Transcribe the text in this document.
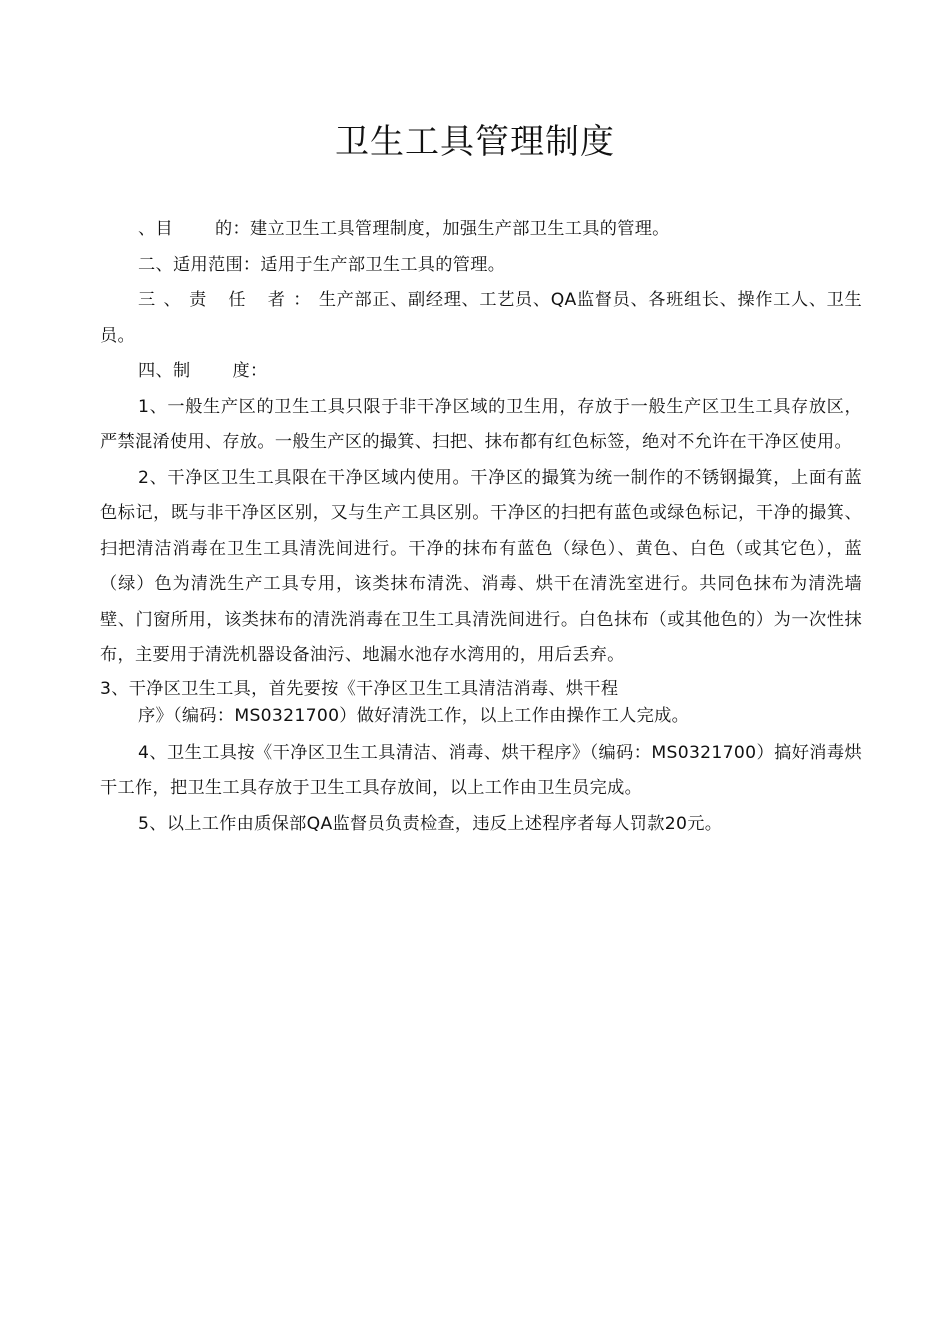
卫生工具管理制度

、目 的：建立卫生工具管理制度，加强生产部卫生工具的管理。

二、适用范围：适用于生产部卫生工具的管理。

三、责 任 者：生产部正、副经理、工艺员、QA监督员、各班组长、操作工人、卫生员。

四、制 度：

1、一般生产区的卫生工具只限于非干净区域的卫生用，存放于一般生产区卫生工具存放区，严禁混淆使用、存放。一般生产区的撮箕、扫把、抹布都有红色标签，绝对不允许在干净区使用。

2、干净区卫生工具限在干净区域内使用。干净区的撮箕为统一制作的不锈钢撮箕，上面有蓝色标记，既与非干净区区别，又与生产工具区别。干净区的扫把有蓝色或绿色标记，干净的撮箕、扫把清洁消毒在卫生工具清洗间进行。干净的抹布有蓝色（绿色）、黄色、白色（或其它色），蓝（绿）色为清洗生产工具专用，该类抹布清洗、消毒、烘干在清洗室进行。共同色抹布为清洗墙壁、门窗所用，该类抹布的清洗消毒在卫生工具清洗间进行。白色抹布（或其他色的）为一次性抹布，主要用于清洗机器设备油污、地漏水池存水湾用的，用后丢弃。

3、干净区卫生工具，首先要按《干净区卫生工具清洁消毒、烘干程
序》（编码：MS0321700）做好清洗工作，以上工作由操作工人完成。

4、卫生工具按《干净区卫生工具清洁、消毒、烘干程序》（编码：MS0321700）搞好消毒烘干工作，把卫生工具存放于卫生工具存放间，以上工作由卫生员完成。

5、以上工作由质保部QA监督员负责检查，违反上述程序者每人罚款20元。
